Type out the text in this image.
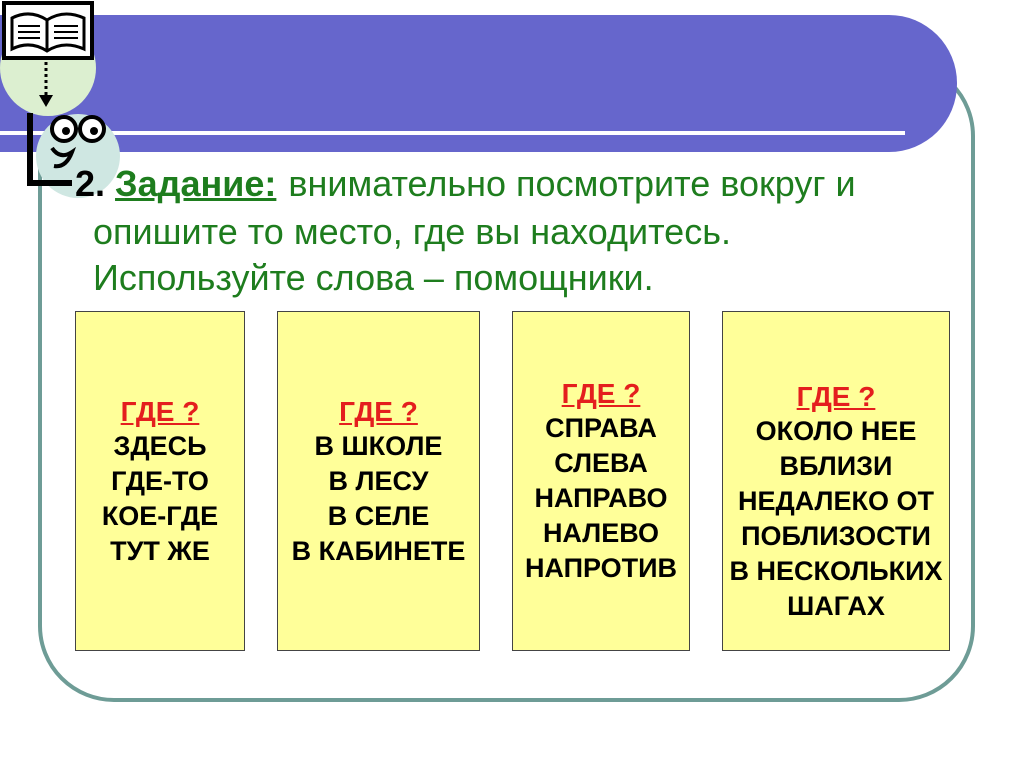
2. Задание: внимательно посмотрите вокруг и
опишите то место, где вы находитесь.
Используйте слова – помощники.
ГДЕ ?
ЗДЕСЬ
ГДЕ-ТО
КОЕ-ГДЕ
ТУТ ЖЕ
ГДЕ ?
В ШКОЛЕ
В ЛЕСУ
В СЕЛЕ
В КАБИНЕТЕ
ГДЕ ?
СПРАВА
СЛЕВА
НАПРАВО
НАЛЕВО
НАПРОТИВ
ГДЕ ?
ОКОЛО НЕЕ
ВБЛИЗИ
НЕДАЛЕКО ОТ
ПОБЛИЗОСТИ
В НЕСКОЛЬКИХ
ШАГАХ
